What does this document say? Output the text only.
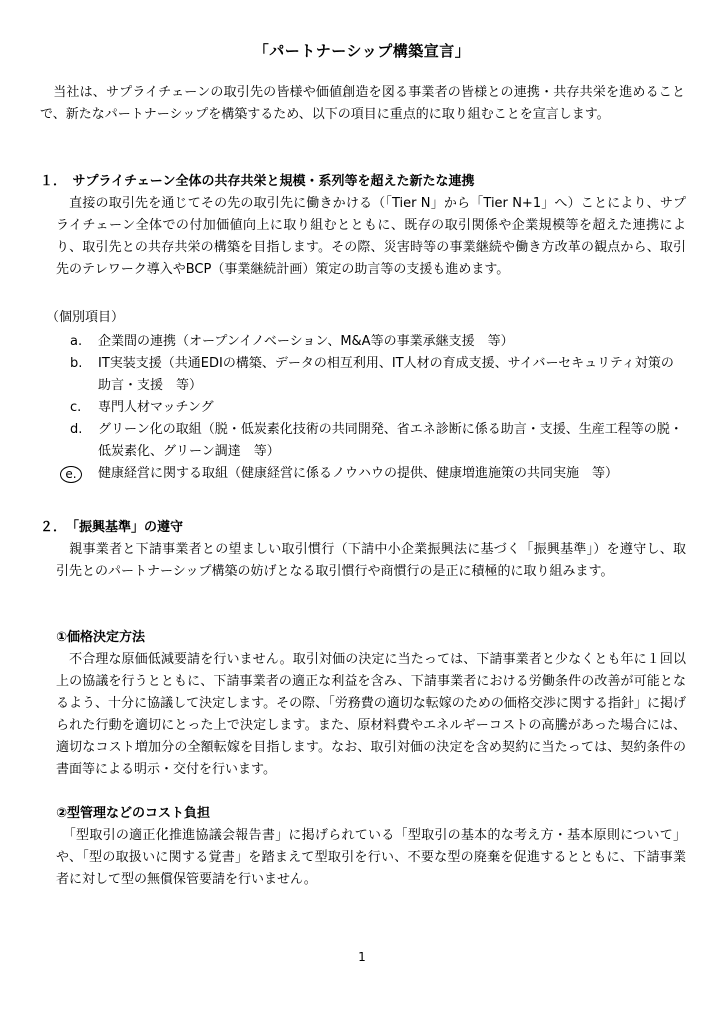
「パートナーシップ構築宣言」
　当社は、サプライチェーンの取引先の皆様や価値創造を図る事業者の皆様との連携・共存共栄を進めることで、新たなパートナーシップを構築するため、以下の項目に重点的に取り組むことを宣言します。
１．　サプライチェーン全体の共存共栄と規模・系列等を超えた新たな連携
　直接の取引先を通じてその先の取引先に働きかける（「Tier N」から「Tier N+1」へ）ことにより、サプライチェーン全体での付加価値向上に取り組むとともに、既存の取引関係や企業規模等を超えた連携により、取引先との共存共栄の構築を目指します。その際、災害時等の事業継続や働き方改革の観点から、取引先のテレワーク導入やBCP（事業継続計画）策定の助言等の支援も進めます。
（個別項目）
a.	企業間の連携（オープンイノベーション、M&A等の事業承継支援　等）
b.	IT実装支援（共通EDIの構築、データの相互利用、IT人材の育成支援、サイバーセキュリティ対策の助言・支援　等）
c.	専門人材マッチング
d.	グリーン化の取組（脱・低炭素化技術の共同開発、省エネ診断に係る助言・支援、生産工程等の脱・低炭素化、グリーン調達　等）
e.	健康経営に関する取組（健康経営に係るノウハウの提供、健康増進施策の共同実施　等）
２．　「振興基準」の遵守
　親事業者と下請事業者との望ましい取引慣行（下請中小企業振興法に基づく「振興基準」）を遵守し、取引先とのパートナーシップ構築の妨げとなる取引慣行や商慣行の是正に積極的に取り組みます。
①価格決定方法
　不合理な原価低減要請を行いません。取引対価の決定に当たっては、下請事業者と少なくとも年に１回以上の協議を行うとともに、下請事業者の適正な利益を含み、下請事業者における労働条件の改善が可能となるよう、十分に協議して決定します。その際、「労務費の適切な転嫁のための価格交渉に関する指針」に掲げられた行動を適切にとった上で決定します。また、原材料費やエネルギーコストの高騰があった場合には、適切なコスト増加分の全額転嫁を目指します。なお、取引対価の決定を含め契約に当たっては、契約条件の書面等による明示・交付を行います。
②型管理などのコスト負担
　「型取引の適正化推進協議会報告書」に掲げられている「型取引の基本的な考え方・基本原則について」や、「型の取扱いに関する覚書」を踏まえて型取引を行い、不要な型の廃棄を促進するとともに、下請事業者に対して型の無償保管要請を行いません。
1
